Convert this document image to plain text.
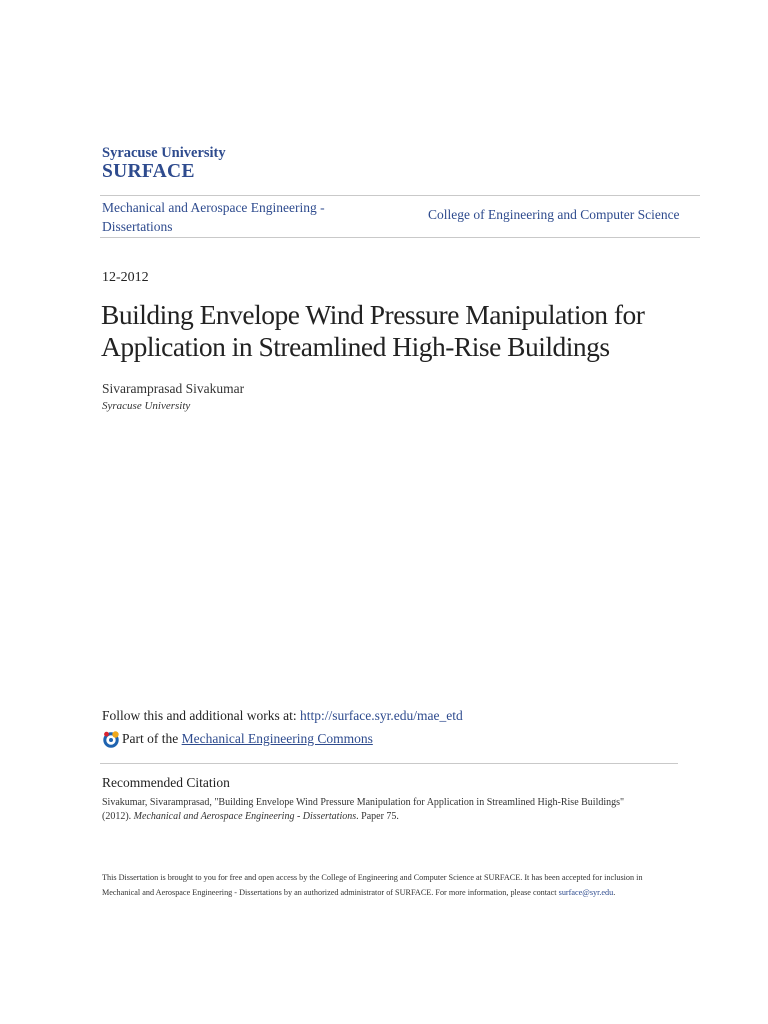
Syracuse University
SURFACE
Mechanical and Aerospace Engineering - Dissertations
College of Engineering and Computer Science
12-2012
Building Envelope Wind Pressure Manipulation for Application in Streamlined High-Rise Buildings
Sivaramprasad Sivakumar
Syracuse University
Follow this and additional works at: http://surface.syr.edu/mae_etd
Part of the
Mechanical Engineering Commons
Recommended Citation
Sivakumar, Sivaramprasad, "Building Envelope Wind Pressure Manipulation for Application in Streamlined High-Rise Buildings"
(2012). Mechanical and Aerospace Engineering - Dissertations. Paper 75.
This Dissertation is brought to you for free and open access by the College of Engineering and Computer Science at SURFACE. It has been accepted for inclusion in Mechanical and Aerospace Engineering - Dissertations by an authorized administrator of SURFACE. For more information, please contact surface@syr.edu.
